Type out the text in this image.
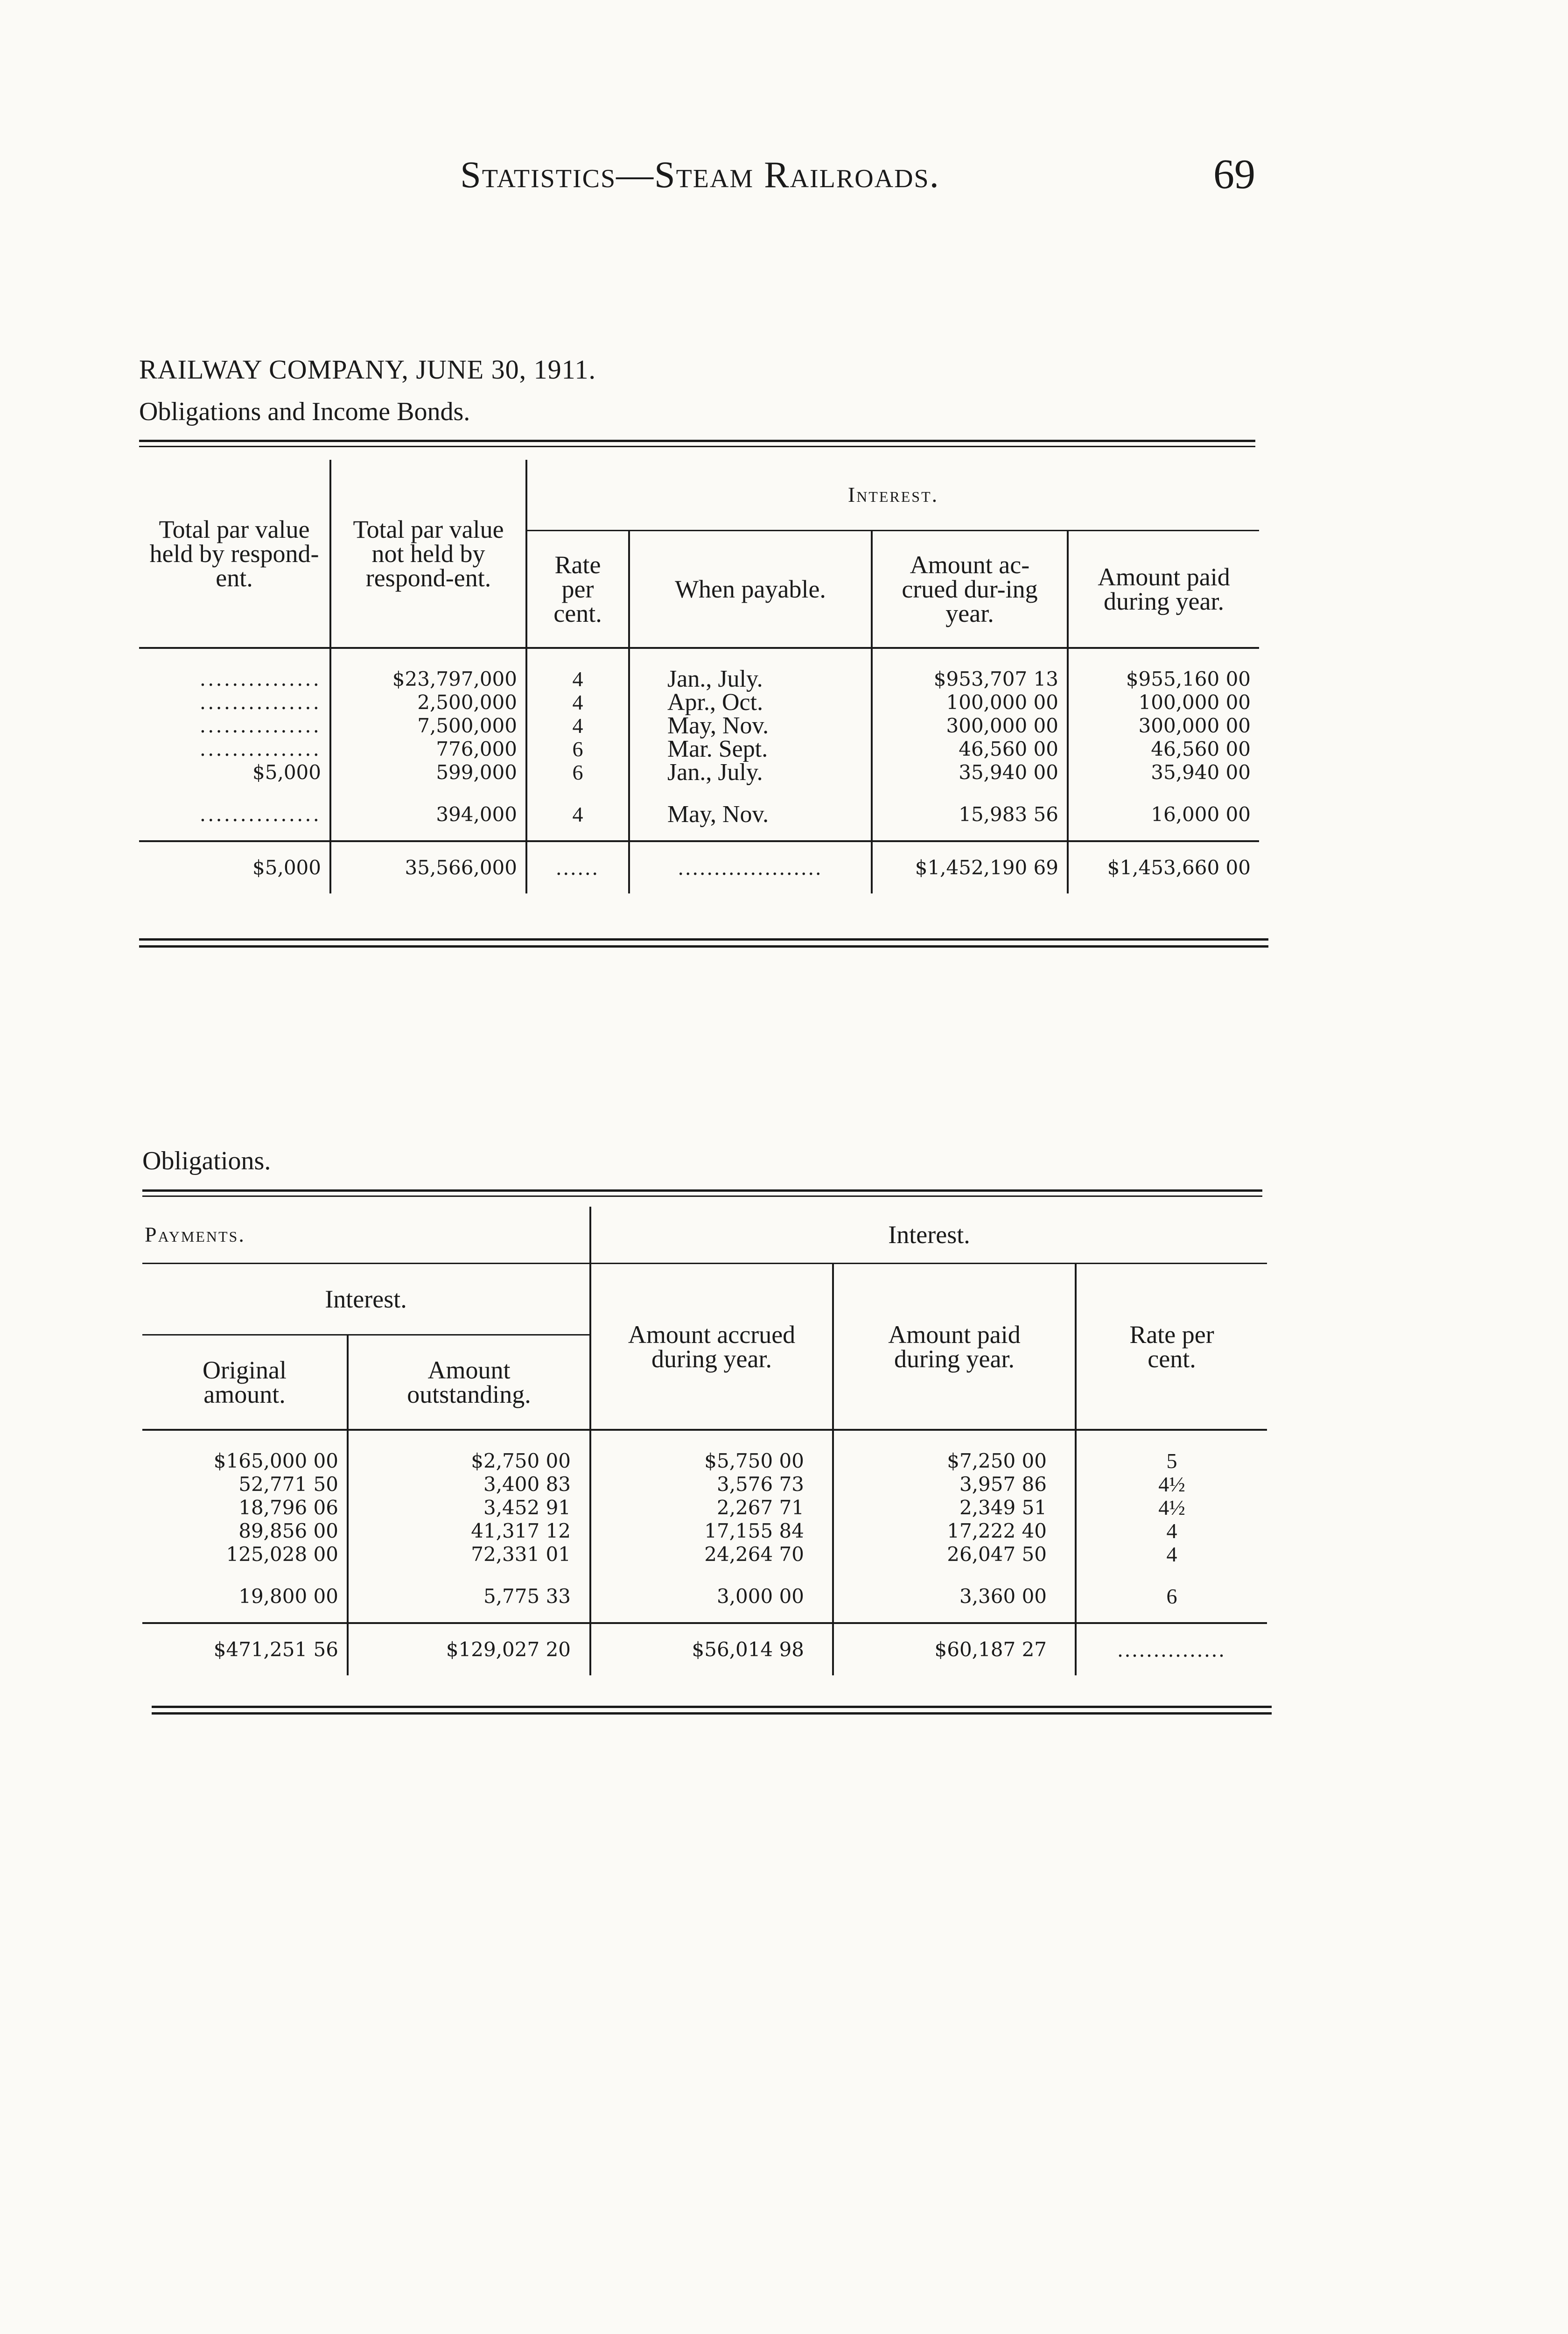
Statistics—Steam Railroads.	69
RAILWAY COMPANY, JUNE 30, 1911.
Obligations and Income Bonds.
Total par value held by respond-ent.	Total par value not held by respond-ent.	Interest.			
		Rate per cent.	When payable.	Amount ac-crued dur-ing year.	Amount paid during year.

...............	$23,797,000	4	Jan., July.	$953,707 13	$955,160 00
...............	2,500,000	4	Apr., Oct.	100,000 00	100,000 00
...............	7,500,000	4	May, Nov.	300,000 00	300,000 00
...............	776,000	6	Mar. Sept.	46,560 00	46,560 00
$5,000	599,000	6	Jan., July.	35,940 00	35,940 00

...............	394,000	4	May, Nov.	15,983 56	16,000 00
$5,000	35,566,000	......	....................	$1,452,190 69	$1,453,660 00
Obligations.
Payments.		Interest.		
Interest.		Amount accrued during year.	Amount paid during year.	Rate per cent.
Original amount.	Amount outstanding.			

$165,000 00	$2,750 00	$5,750 00	$7,250 00	5
52,771 50	3,400 83	3,576 73	3,957 86	4½
18,796 06	3,452 91	2,267 71	2,349 51	4½
89,856 00	41,317 12	17,155 84	17,222 40	4
125,028 00	72,331 01	24,264 70	26,047 50	4

19,800 00	5,775 33	3,000 00	3,360 00	6
$471,251 56	$129,027 20	$56,014 98	$60,187 27	...............
